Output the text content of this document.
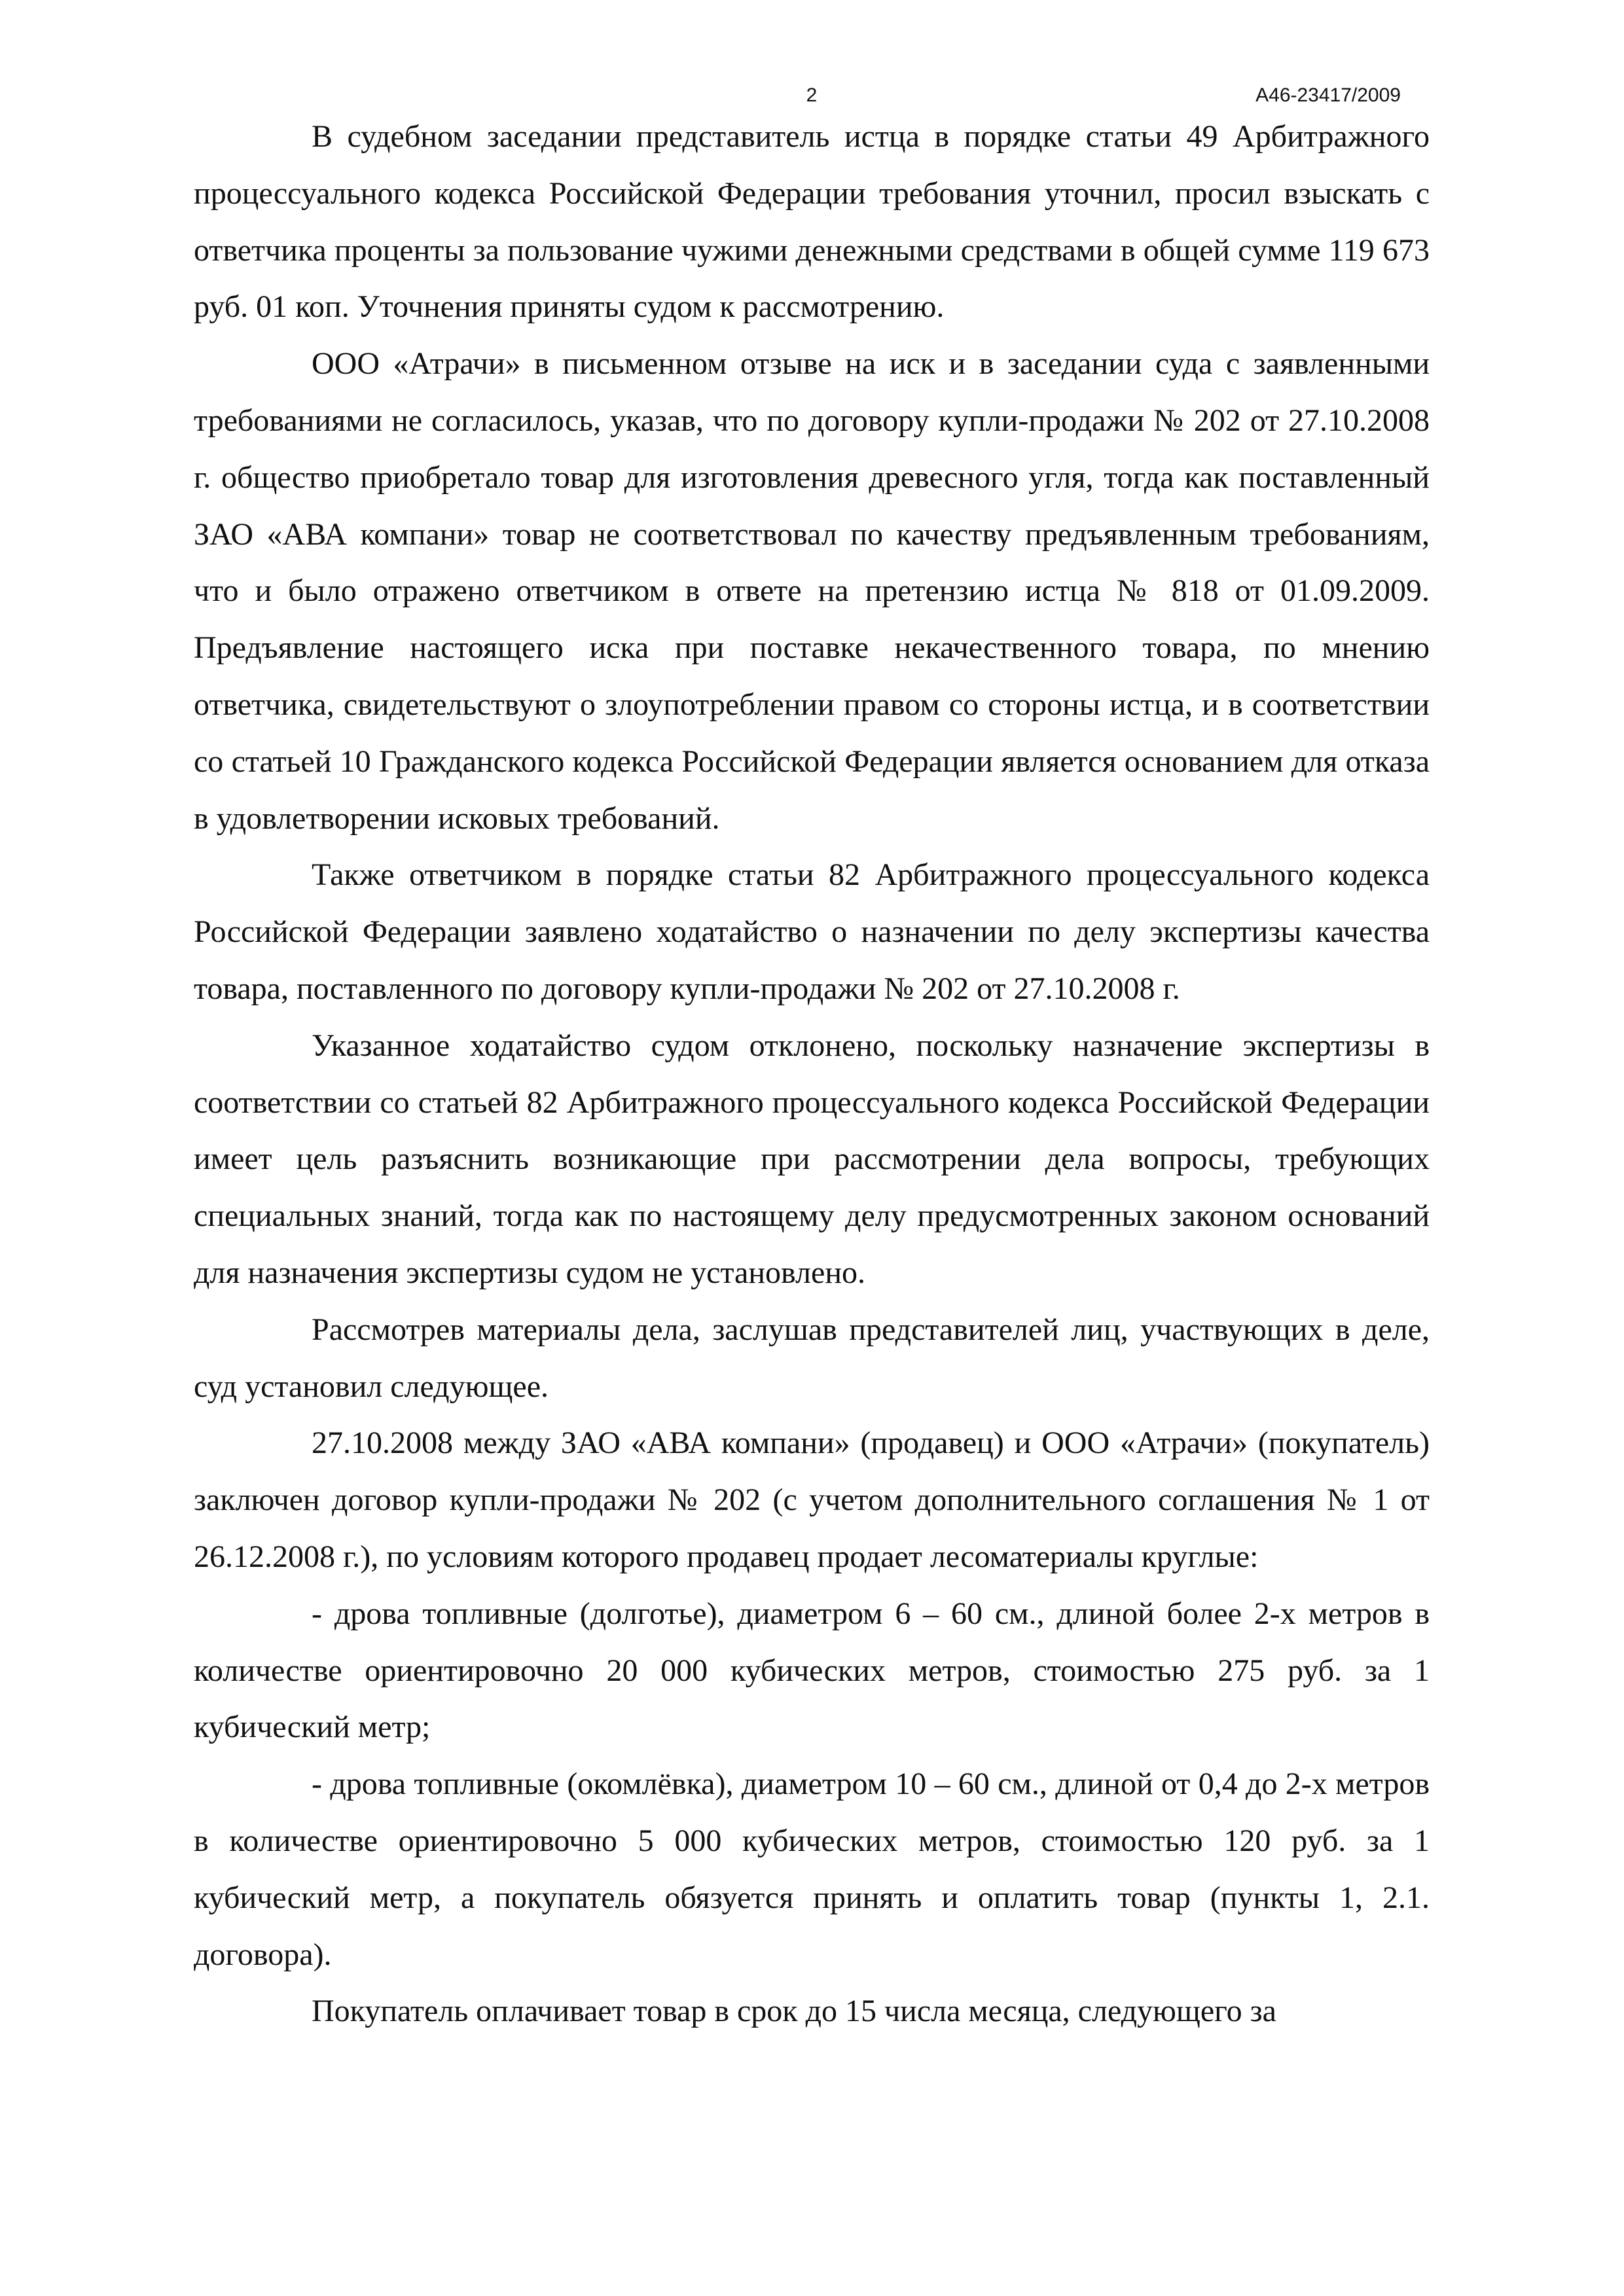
2	А46-23417/2009

В судебном заседании представитель истца в порядке статьи 49 Арбитражного процессуального кодекса Российской Федерации требования уточнил, просил взыскать с ответчика проценты за пользование чужими денежными средствами в общей сумме 119 673 руб. 01 коп. Уточнения приняты судом к рассмотрению.

ООО «Атрачи» в письменном отзыве на иск и в заседании суда с заявленными требованиями не согласилось, указав, что по договору купли-продажи № 202 от 27.10.2008 г. общество приобретало товар для изготовления древесного угля, тогда как поставленный ЗАО «АВА компани» товар не соответствовал по качеству предъявленным требованиям, что и было отражено ответчиком в ответе на претензию истца № 818 от 01.09.2009. Предъявление настоящего иска при поставке некачественного товара, по мнению ответчика, свидетельствуют о злоупотреблении правом со стороны истца, и в соответствии со статьей 10 Гражданского кодекса Российской Федерации является основанием для отказа в удовлетворении исковых требований.

Также ответчиком в порядке статьи 82 Арбитражного процессуального кодекса Российской Федерации заявлено ходатайство о назначении по делу экспертизы качества товара, поставленного по договору купли-продажи № 202 от 27.10.2008 г.

Указанное ходатайство судом отклонено, поскольку назначение экспертизы в соответствии со статьей 82 Арбитражного процессуального кодекса Российской Федерации имеет цель разъяснить возникающие при рассмотрении дела вопросы, требующих специальных знаний, тогда как по настоящему делу предусмотренных законом оснований для назначения экспертизы судом не установлено.

Рассмотрев материалы дела, заслушав представителей лиц, участвующих в деле, суд установил следующее.

27.10.2008 между ЗАО «АВА компани» (продавец) и ООО «Атрачи» (покупатель) заключен договор купли-продажи № 202 (с учетом дополнительного соглашения № 1 от 26.12.2008 г.), по условиям которого продавец продает лесоматериалы круглые:

- дрова топливные (долготье), диаметром 6 – 60 см., длиной более 2-х метров в количестве ориентировочно 20 000 кубических метров, стоимостью 275 руб. за 1 кубический метр;

- дрова топливные (окомлёвка), диаметром 10 – 60 см., длиной от 0,4 до 2-х метров в количестве ориентировочно 5 000 кубических метров, стоимостью 120 руб. за 1 кубический метр, а покупатель обязуется принять и оплатить товар (пункты 1, 2.1. договора).

Покупатель оплачивает товар в срок до 15 числа месяца, следующего за
